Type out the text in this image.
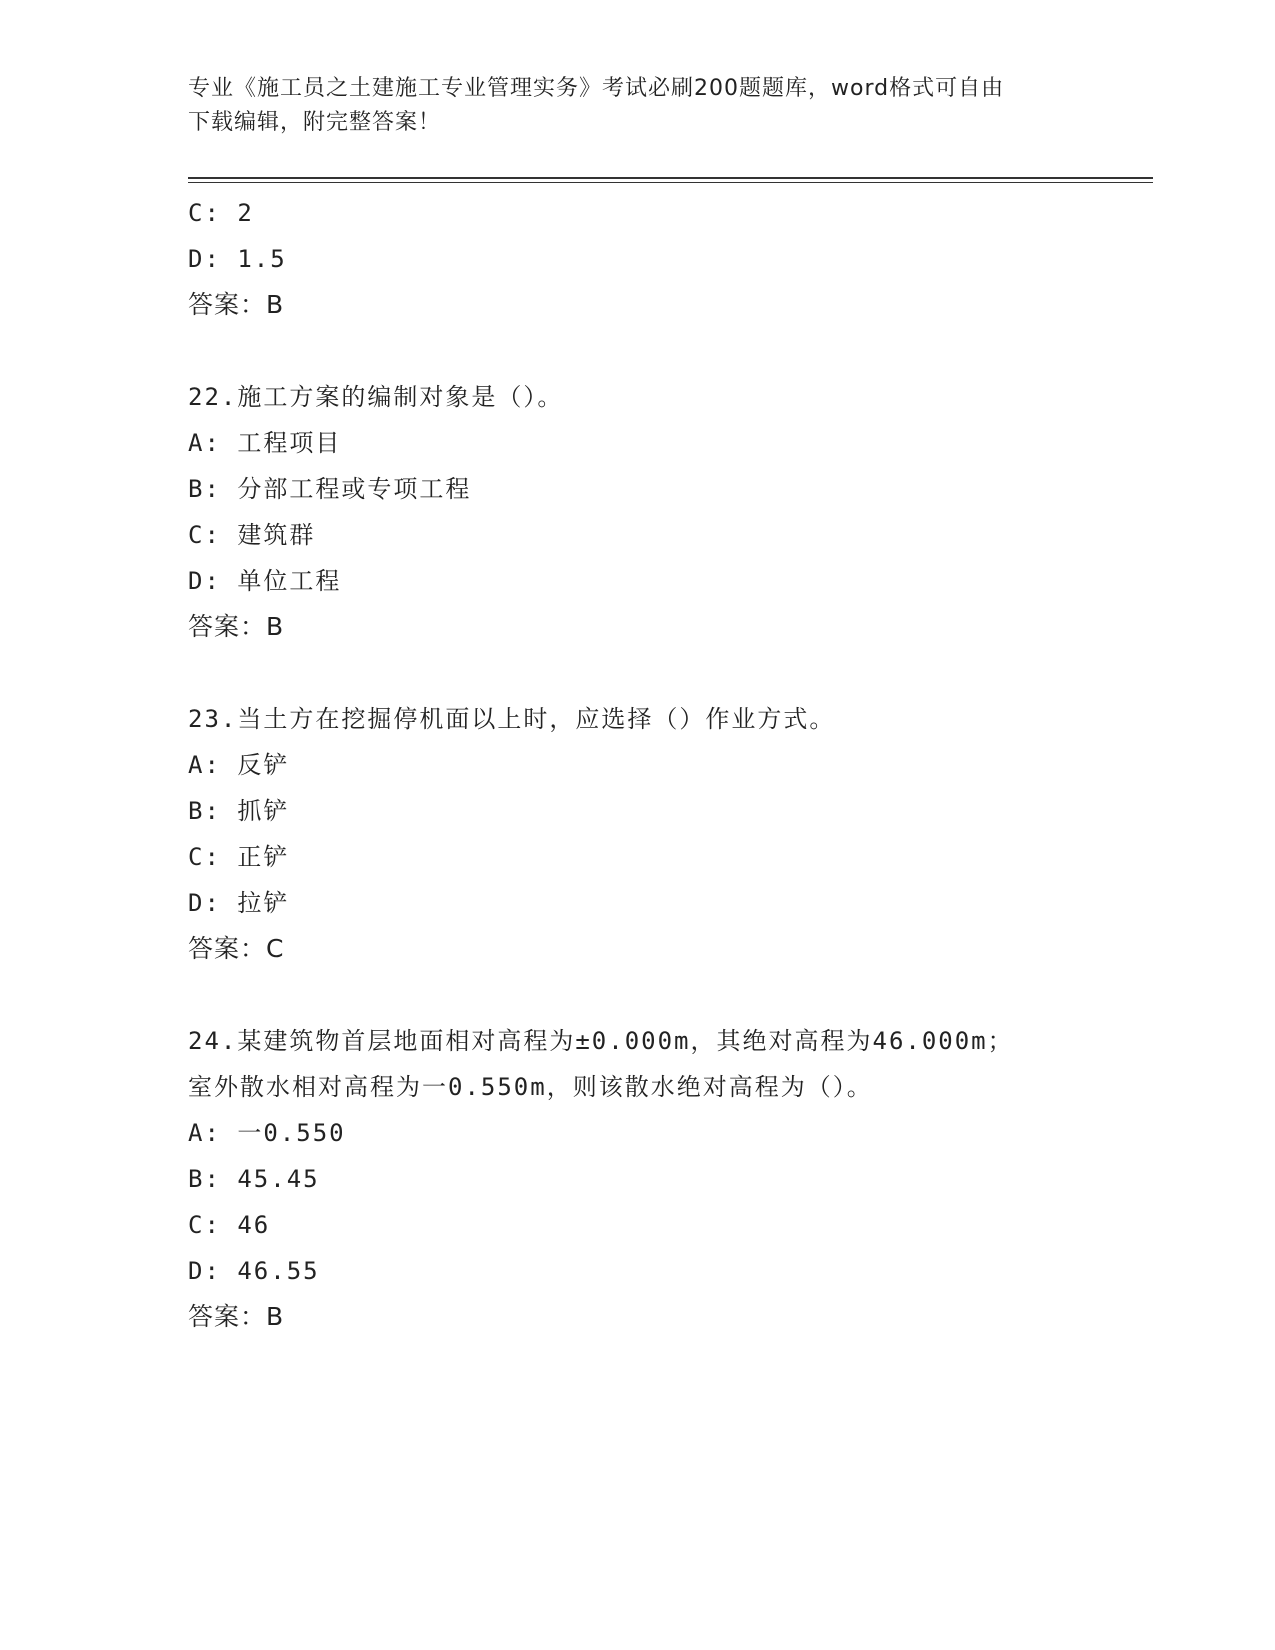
专业《施工员之土建施工专业管理实务》考试必刷200题题库，word格式可自由
下载编辑，附完整答案！
C: 2
D: 1.5
答案：B
22.施工方案的编制对象是（）。
A: 工程项目
B: 分部工程或专项工程
C: 建筑群
D: 单位工程
答案：B
23.当土方在挖掘停机面以上时，应选择（）作业方式。
A: 反铲
B: 抓铲
C: 正铲
D: 拉铲
答案：C
24.某建筑物首层地面相对高程为±0.000m，其绝对高程为46.000m；
室外散水相对高程为一0.550m，则该散水绝对高程为（）。
A: 一0.550
B: 45.45
C: 46
D: 46.55
答案：B
